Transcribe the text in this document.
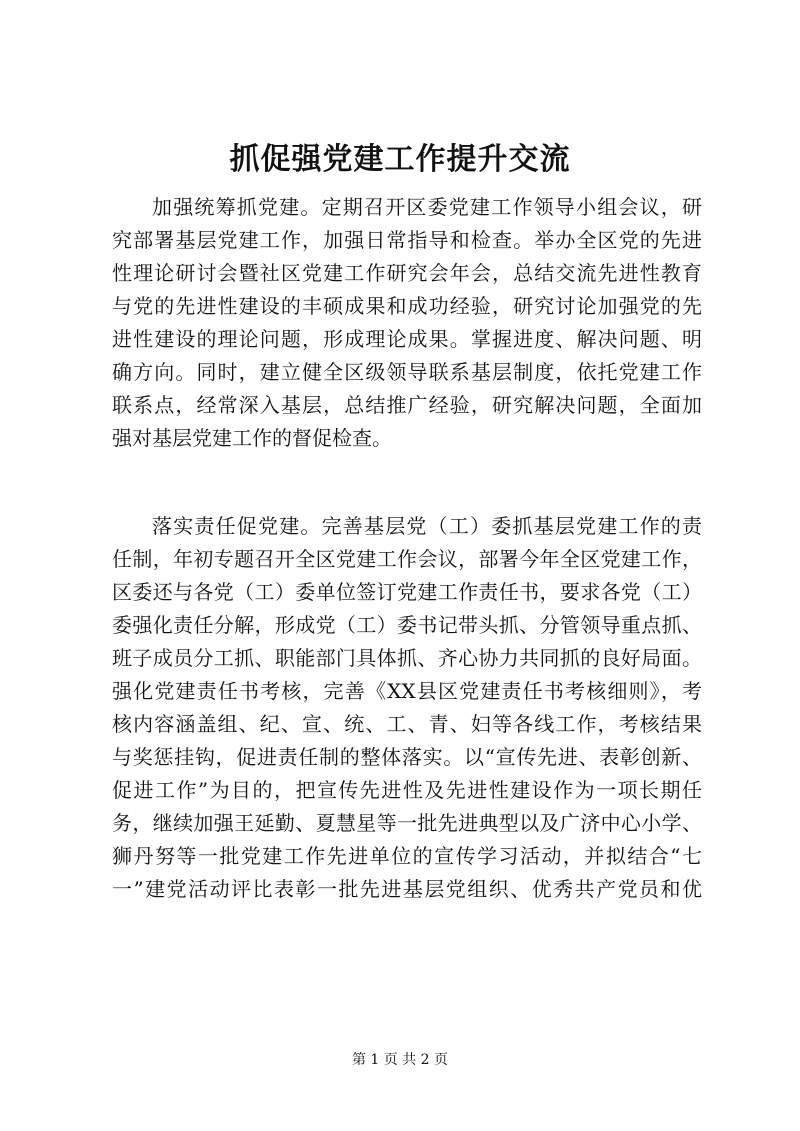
抓促强党建工作提升交流
加强统筹抓党建。定期召开区委党建工作领导小组会议，研
究部署基层党建工作，加强日常指导和检查。举办全区党的先进
性理论研讨会暨社区党建工作研究会年会，总结交流先进性教育
与党的先进性建设的丰硕成果和成功经验，研究讨论加强党的先
进性建设的理论问题，形成理论成果。掌握进度、解决问题、明
确方向。同时，建立健全区级领导联系基层制度，依托党建工作
联系点，经常深入基层，总结推广经验，研究解决问题，全面加
强对基层党建工作的督促检查。
落实责任促党建。完善基层党（工）委抓基层党建工作的责
任制，年初专题召开全区党建工作会议，部署今年全区党建工作，
区委还与各党（工）委单位签订党建工作责任书，要求各党（工）
委强化责任分解，形成党（工）委书记带头抓、分管领导重点抓、
班子成员分工抓、职能部门具体抓、齐心协力共同抓的良好局面。
强化党建责任书考核，完善《XX县区党建责任书考核细则》，考
核内容涵盖组、纪、宣、统、工、青、妇等各线工作，考核结果
与奖惩挂钩，促进责任制的整体落实。以“宣传先进、表彰创新、
促进工作”为目的，把宣传先进性及先进性建设作为一项长期任
务，继续加强王延勤、夏慧星等一批先进典型以及广济中心小学、
狮丹努等一批党建工作先进单位的宣传学习活动，并拟结合“七
一”建党活动评比表彰一批先进基层党组织、优秀共产党员和优
第 1 页 共 2 页
